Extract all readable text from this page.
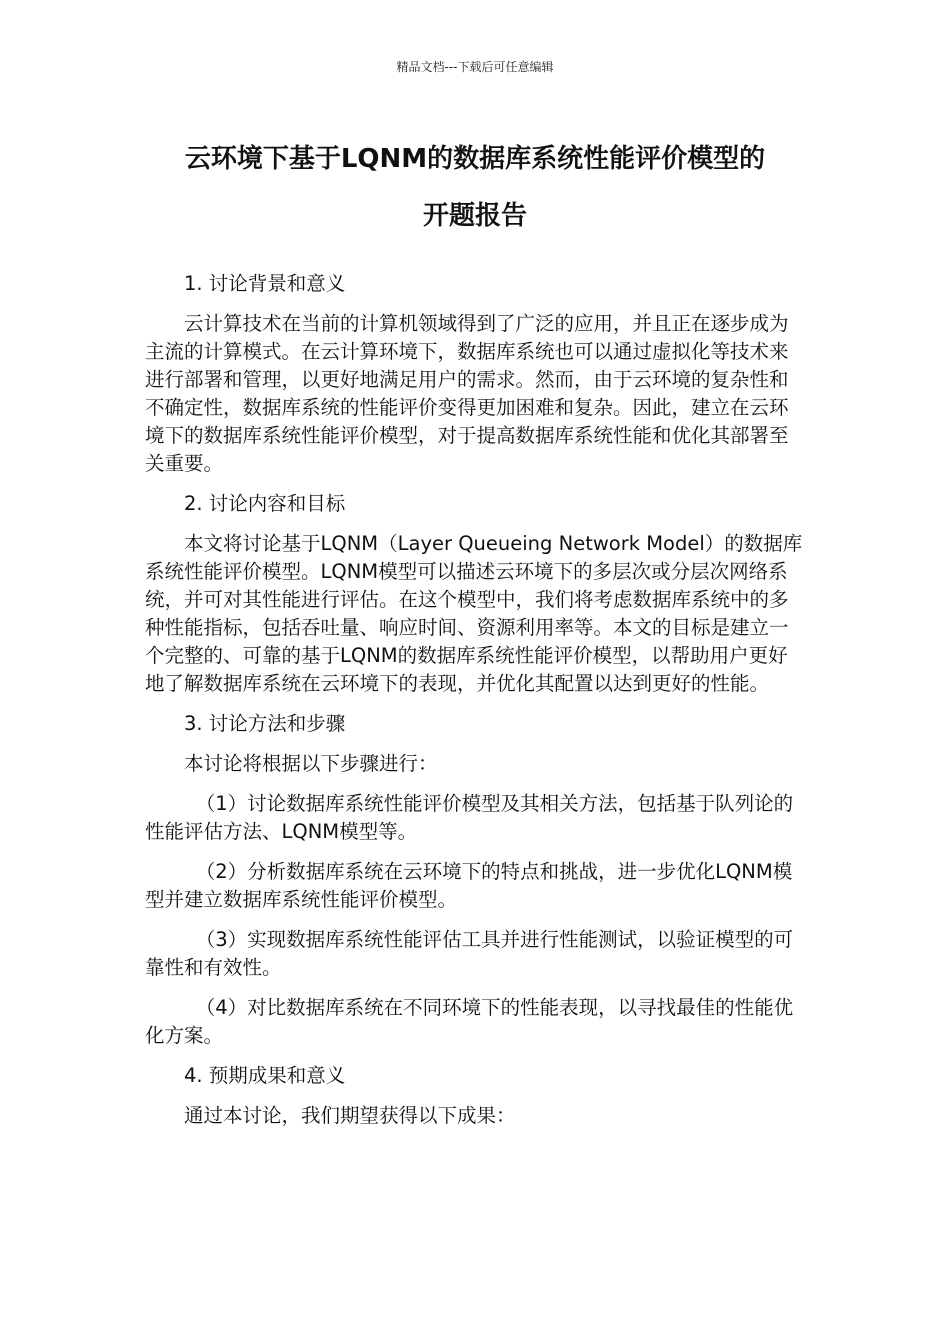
精品文档---下载后可任意编辑
云环境下基于LQNM的数据库系统性能评价模型的
开题报告

1. 讨论背景和意义

云计算技术在当前的计算机领域得到了广泛的应用，并且正在逐步成为主流的计算模式。在云计算环境下，数据库系统也可以通过虚拟化等技术来进行部署和管理，以更好地满足用户的需求。然而，由于云环境的复杂性和不确定性，数据库系统的性能评价变得更加困难和复杂。因此，建立在云环境下的数据库系统性能评价模型，对于提高数据库系统性能和优化其部署至关重要。

2. 讨论内容和目标

本文将讨论基于LQNM（Layer Queueing Network Model）的数据库系统性能评价模型。LQNM模型可以描述云环境下的多层次或分层次网络系统，并可对其性能进行评估。在这个模型中，我们将考虑数据库系统中的多种性能指标，包括吞吐量、响应时间、资源利用率等。本文的目标是建立一个完整的、可靠的基于LQNM的数据库系统性能评价模型，以帮助用户更好地了解数据库系统在云环境下的表现，并优化其配置以达到更好的性能。

3. 讨论方法和步骤

本讨论将根据以下步骤进行：

（1）讨论数据库系统性能评价模型及其相关方法，包括基于队列论的性能评估方法、LQNM模型等。

（2）分析数据库系统在云环境下的特点和挑战，进一步优化LQNM模型并建立数据库系统性能评价模型。

（3）实现数据库系统性能评估工具并进行性能测试，以验证模型的可靠性和有效性。

（4）对比数据库系统在不同环境下的性能表现，以寻找最佳的性能优化方案。

4. 预期成果和意义

通过本讨论，我们期望获得以下成果：
